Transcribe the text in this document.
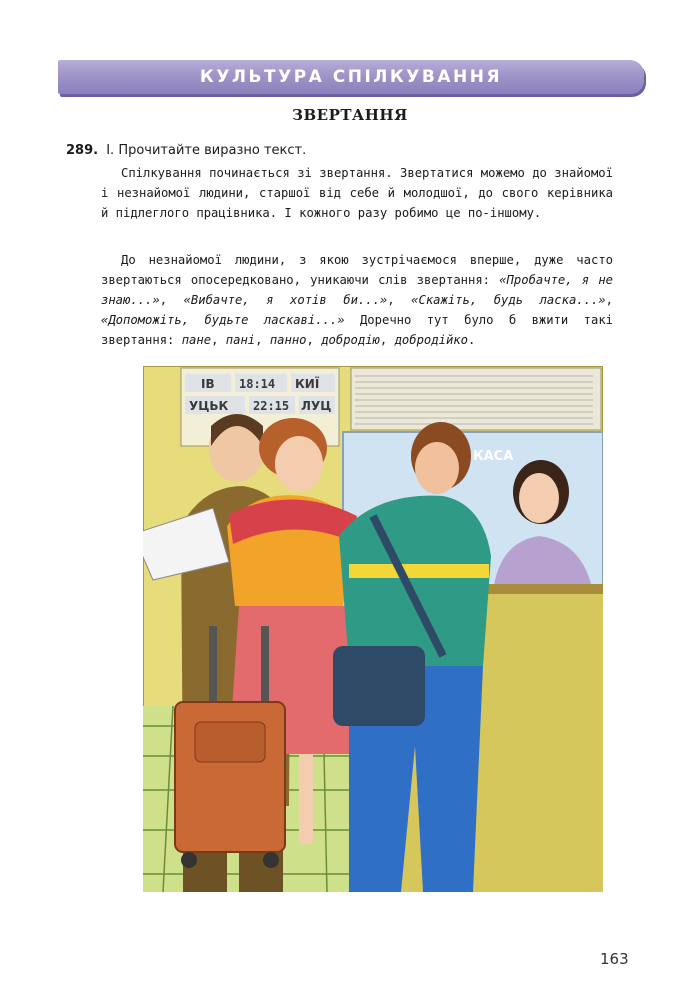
КУЛЬТУРА СПІЛКУВАННЯ
ЗВЕРТАННЯ
289. І. Прочитайте виразно текст.
Спілкування починається зі звертання. Звертатися можемо до знайомої і незнайомої людини, старшої від себе й молодшої, до свого керівника й підлеглого працівника. І кожного разу робимо це по-іншому.
До незнайомої людини, з якою зустрічаємося вперше, дуже часто звертаються опосередковано, уникаючи слів звертання: «Пробачте, я не знаю...», «Вибачте, я хотів би...», «Скажіть, будь ласка...», «Допоможіть, будьте ласкаві...» Доречно тут було б вжити такі звертання: пане, пані, панно, добродію, добродійко.
ІВ 18:14 КИЇ
УЦЬК 22:15 ЛУЦ
КАСА
163
